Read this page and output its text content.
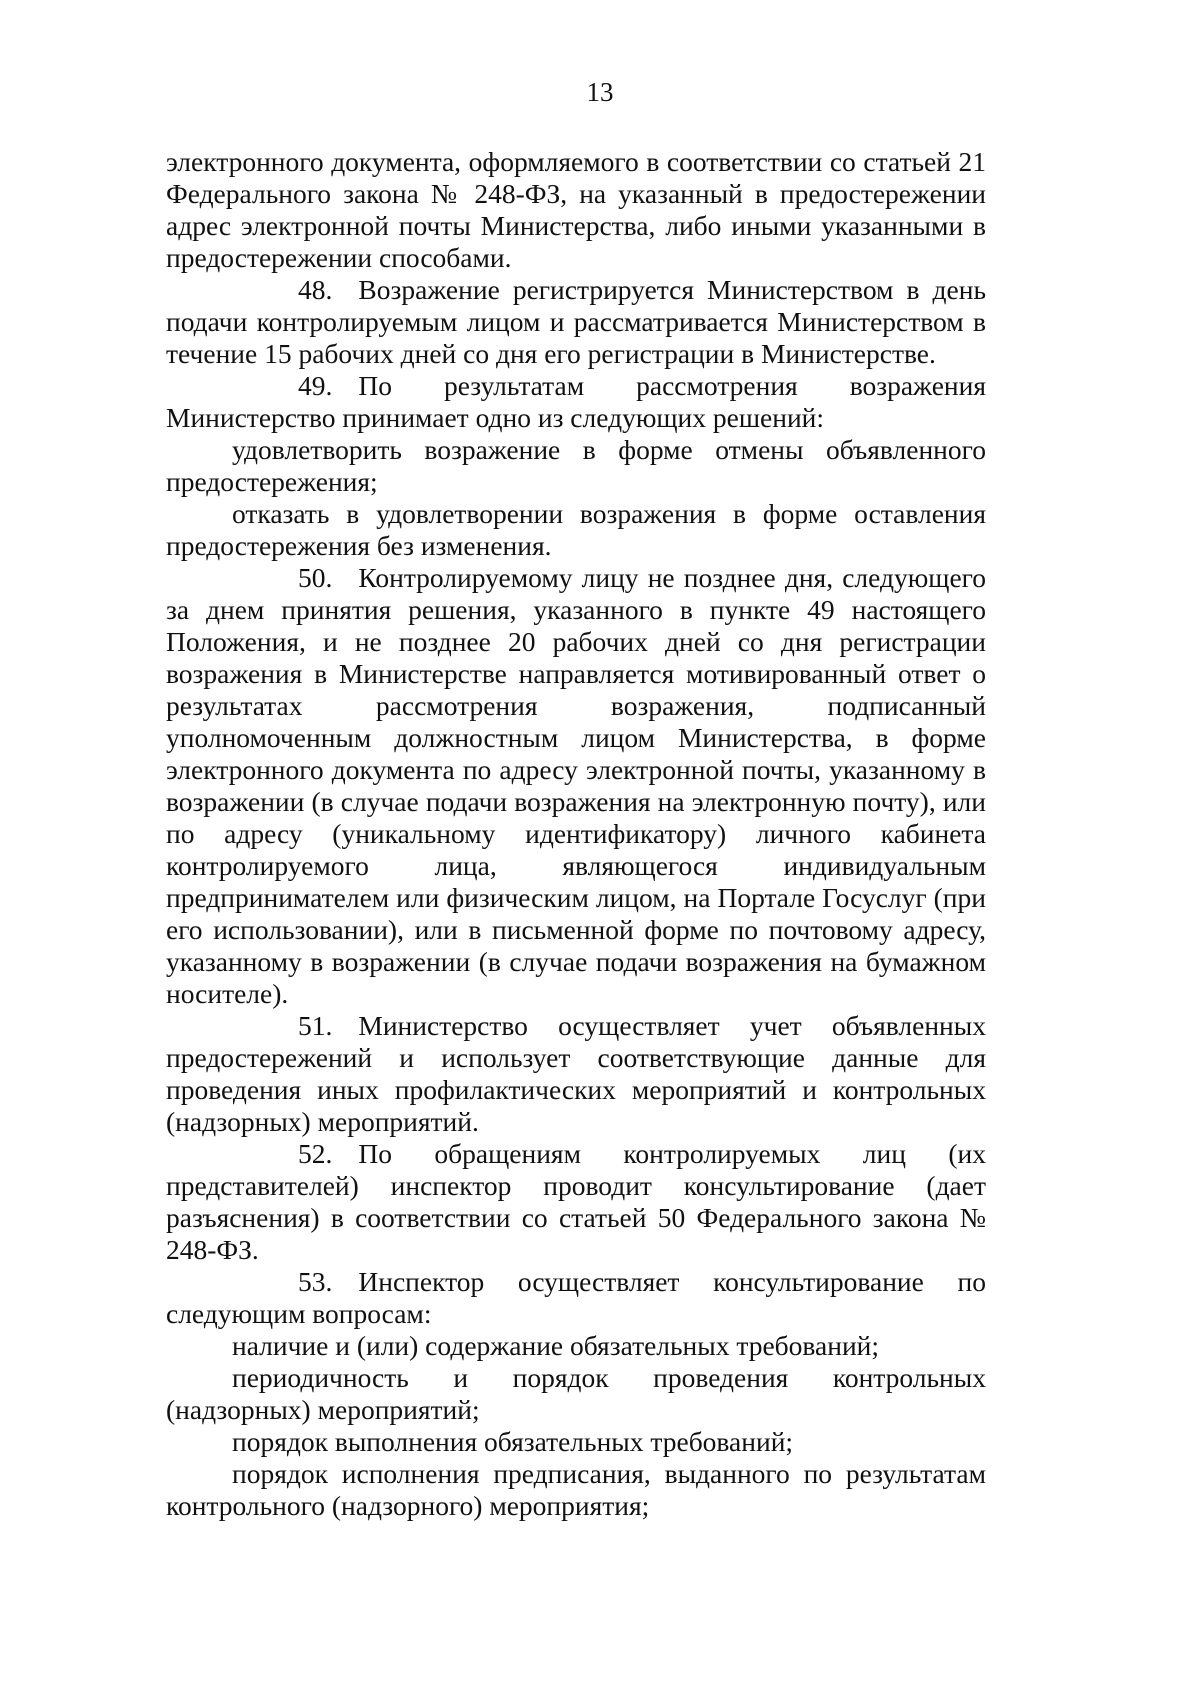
13

электронного документа, оформляемого в соответствии со статьей 21 Федерального закона № 248-ФЗ, на указанный в предостережении адрес электронной почты Министерства, либо иными указанными в предостережении способами.

48. Возражение регистрируется Министерством в день подачи контролируемым лицом и рассматривается Министерством в течение 15 рабочих дней со дня его регистрации в Министерстве.

49. По результатам рассмотрения возражения Министерство принимает одно из следующих решений:

удовлетворить возражение в форме отмены объявленного предостережения;

отказать в удовлетворении возражения в форме оставления предостережения без изменения.

50. Контролируемому лицу не позднее дня, следующего за днем принятия решения, указанного в пункте 49 настоящего Положения, и не позднее 20 рабочих дней со дня регистрации возражения в Министерстве направляется мотивированный ответ о результатах рассмотрения возражения, подписанный уполномоченным должностным лицом Министерства, в форме электронного документа по адресу электронной почты, указанному в возражении (в случае подачи возражения на электронную почту), или по адресу (уникальному идентификатору) личного кабинета контролируемого лица, являющегося индивидуальным предпринимателем или физическим лицом, на Портале Госуслуг (при его использовании), или в письменной форме по почтовому адресу, указанному в возражении (в случае подачи возражения на бумажном носителе).

51. Министерство осуществляет учет объявленных предостережений и использует соответствующие данные для проведения иных профилактических мероприятий и контрольных (надзорных) мероприятий.

52. По обращениям контролируемых лиц (их представителей) инспектор проводит консультирование (дает разъяснения) в соответствии со статьей 50 Федерального закона № 248-ФЗ.

53. Инспектор осуществляет консультирование по следующим вопросам:

наличие и (или) содержание обязательных требований;

периодичность и порядок проведения контрольных (надзорных) мероприятий;

порядок выполнения обязательных требований;

порядок исполнения предписания, выданного по результатам контрольного (надзорного) мероприятия;
